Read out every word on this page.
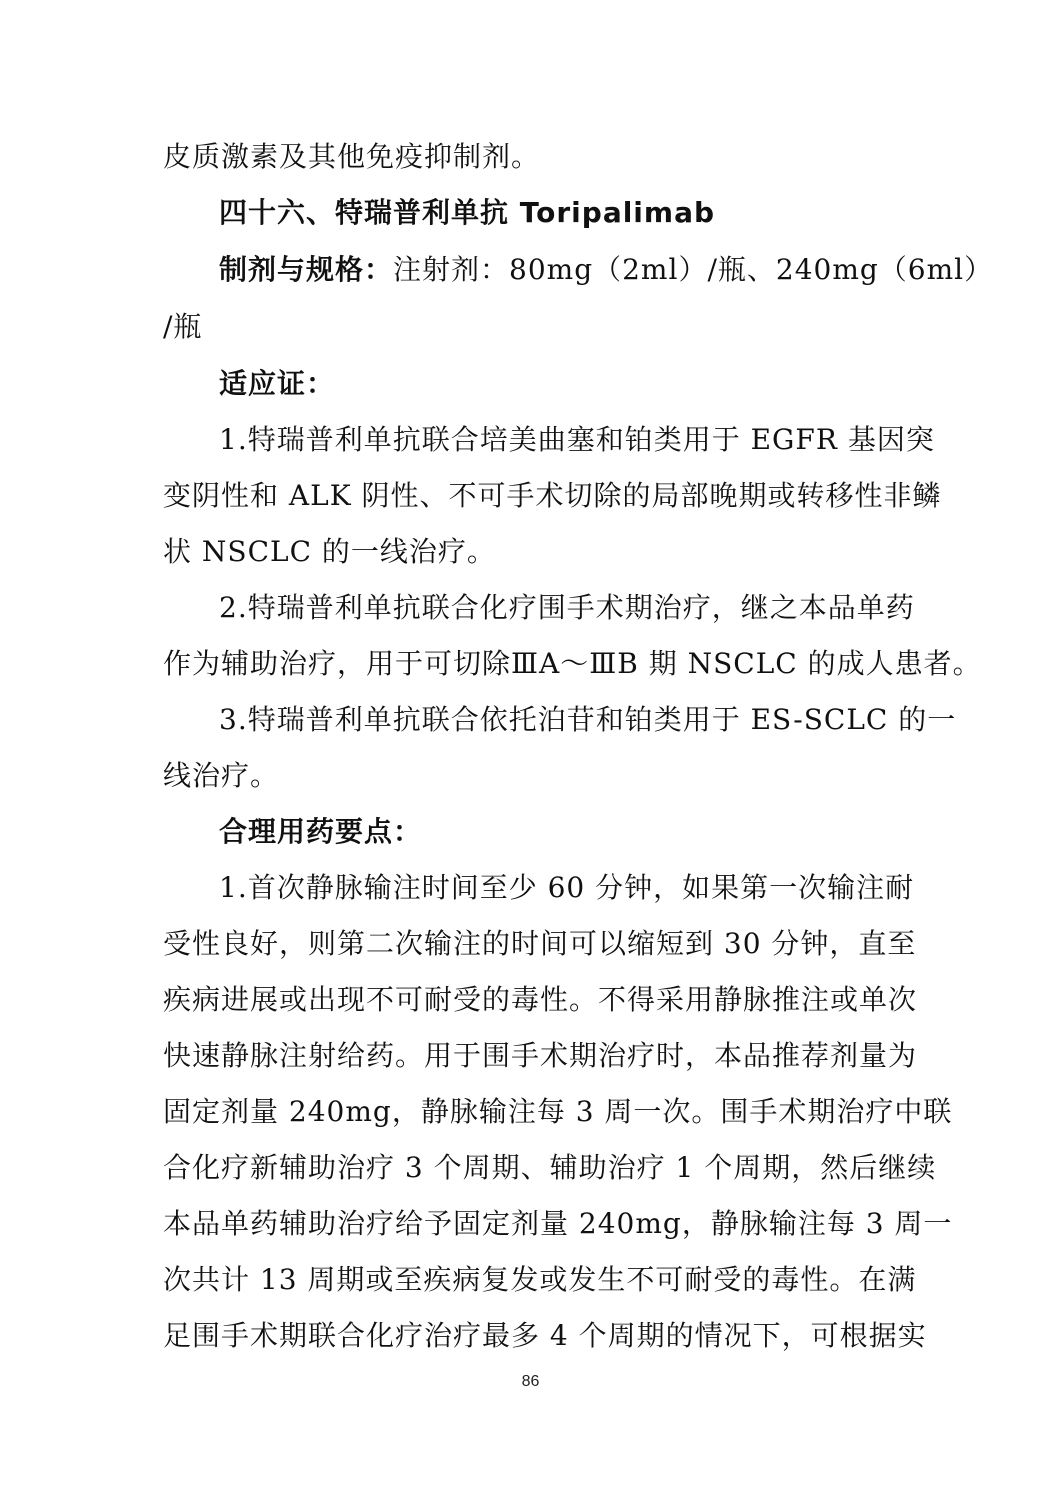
皮质激素及其他免疫抑制剂。
四十六、特瑞普利单抗 Toripalimab
制剂与规格：注射剂：80mg（2ml）/瓶、240mg（6ml）
/瓶
适应证：
1.特瑞普利单抗联合培美曲塞和铂类用于 EGFR 基因突
变阴性和 ALK 阴性、不可手术切除的局部晚期或转移性非鳞
状 NSCLC 的一线治疗。
2.特瑞普利单抗联合化疗围手术期治疗，继之本品单药
作为辅助治疗，用于可切除ⅢA～ⅢB 期 NSCLC 的成人患者。
3.特瑞普利单抗联合依托泊苷和铂类用于 ES-SCLC 的一
线治疗。
合理用药要点：
1.首次静脉输注时间至少 60 分钟，如果第一次输注耐
受性良好，则第二次输注的时间可以缩短到 30 分钟，直至
疾病进展或出现不可耐受的毒性。不得采用静脉推注或单次
快速静脉注射给药。用于围手术期治疗时，本品推荐剂量为
固定剂量 240mg，静脉输注每 3 周一次。围手术期治疗中联
合化疗新辅助治疗 3 个周期、辅助治疗 1 个周期，然后继续
本品单药辅助治疗给予固定剂量 240mg，静脉输注每 3 周一
次共计 13 周期或至疾病复发或发生不可耐受的毒性。在满
足围手术期联合化疗治疗最多 4 个周期的情况下，可根据实
86
